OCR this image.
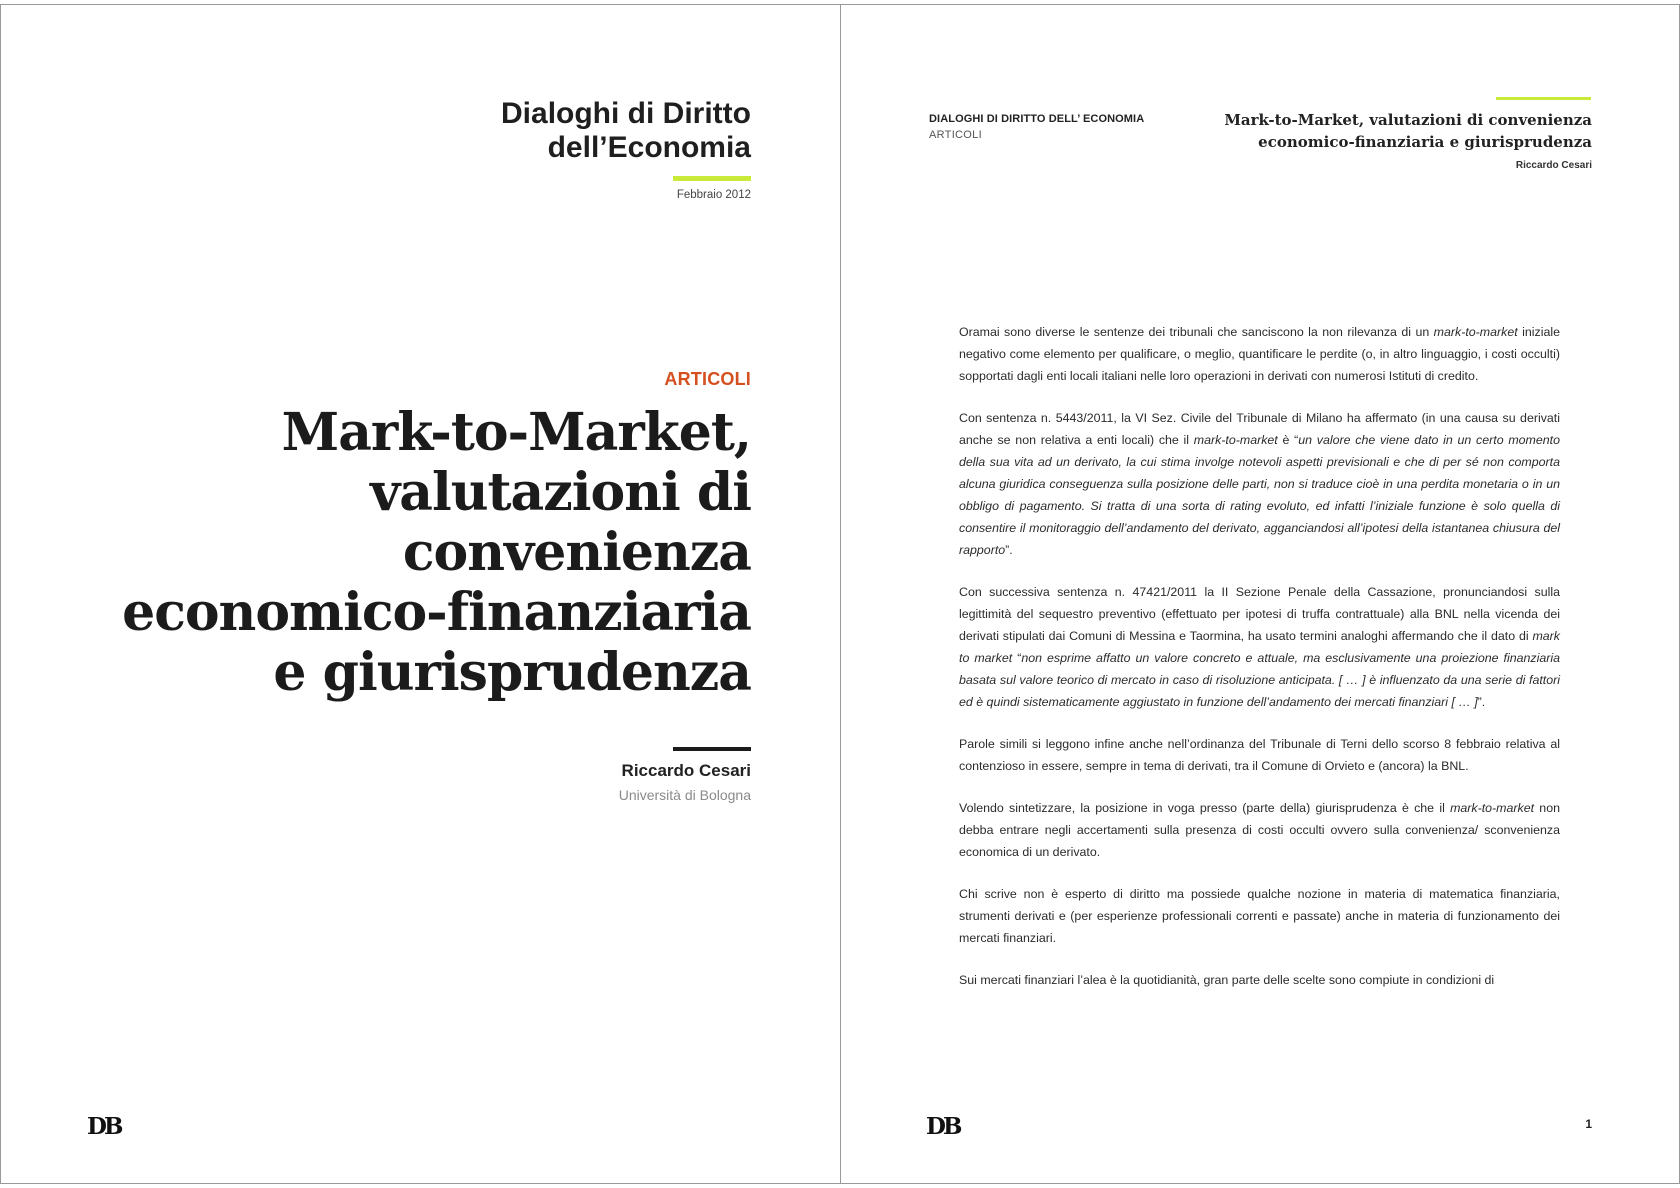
Dialoghi di Diritto
dell’Economia
Febbraio 2012
ARTICOLI
Mark-to-Market,
valutazioni di
convenienza
economico-finanziaria
e giurisprudenza
Riccardo Cesari
Università di Bologna
DB
DIALOGHI DI DIRITTO DELL’ ECONOMIA
ARTICOLI
Mark-to-Market, valutazioni di convenienza
economico-finanziaria e giurisprudenza
Riccardo Cesari

Oramai sono diverse le sentenze dei tribunali che sanciscono la non rilevanza di un mark-to-market iniziale negativo come elemento per qualificare, o meglio, quantificare le perdite (o, in altro linguaggio, i costi occulti) sopportati dagli enti locali italiani nelle loro operazioni in derivati con numerosi Istituti di credito.

Con sentenza n. 5443/2011, la VI Sez. Civile del Tribunale di Milano ha affermato (in una causa su derivati anche se non relativa a enti locali) che il mark-to-market è “un valore che viene dato in un certo momento della sua vita ad un derivato, la cui stima involge notevoli aspetti previsionali e che di per sé non comporta alcuna giuridica conseguenza sulla posizione delle parti, non si traduce cioè in una perdita monetaria o in un obbligo di pagamento. Si tratta di una sorta di rating evoluto, ed infatti l’iniziale funzione è solo quella di consentire il monitoraggio dell’andamento del derivato, agganciandosi all’ipotesi della istantanea chiusura del rapporto”.

Con successiva sentenza n. 47421/2011 la II Sezione Penale della Cassazione, pronunciandosi sulla legittimità del sequestro preventivo (effettuato per ipotesi di truffa contrattuale) alla BNL nella vicenda dei derivati stipulati dai Comuni di Messina e Taormina, ha usato termini analoghi affermando che il dato di mark to market “non esprime affatto un valore concreto e attuale, ma esclusivamente una proiezione finanziaria basata sul valore teorico di mercato in caso di risoluzione anticipata. [ … ] è influenzato da una serie di fattori ed è quindi sistematicamente aggiustato in funzione dell’andamento dei mercati finanziari [ … ]”.

Parole simili si leggono infine anche nell’ordinanza del Tribunale di Terni dello scorso 8 febbraio relativa al contenzioso in essere, sempre in tema di derivati, tra il Comune di Orvieto e (ancora) la BNL.

Volendo sintetizzare, la posizione in voga presso (parte della) giurisprudenza è che il mark-to-market non debba entrare negli accertamenti sulla presenza di costi occulti ovvero sulla convenienza/ sconvenienza economica di un derivato.

Chi scrive non è esperto di diritto ma possiede qualche nozione in materia di matematica finanziaria, strumenti derivati e (per esperienze professionali correnti e passate) anche in materia di funzionamento dei mercati finanziari.

Sui mercati finanziari l’alea è la quotidianità, gran parte delle scelte sono compiute in condizioni di

DB	1
